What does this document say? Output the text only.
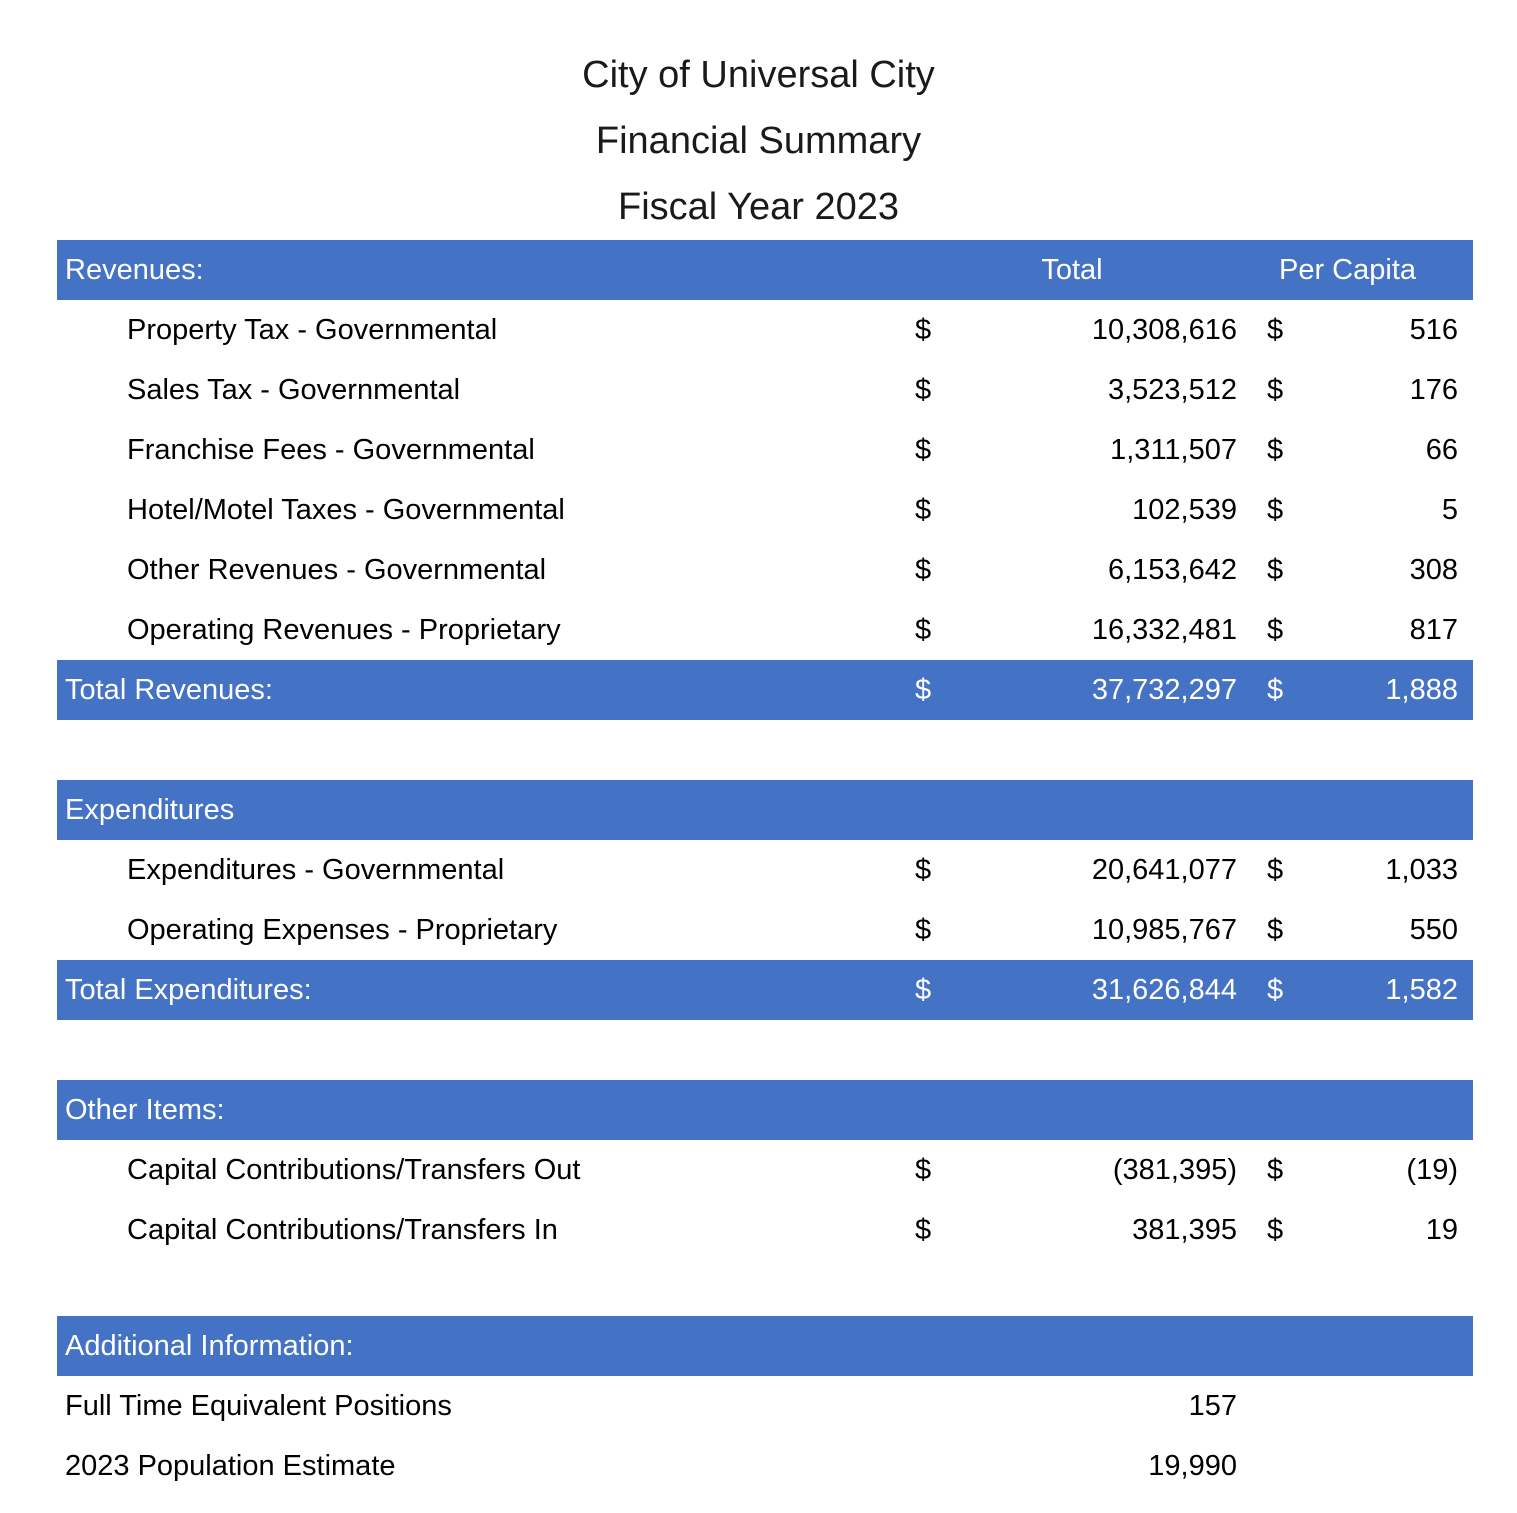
City of Universal City
Financial Summary
Fiscal Year 2023
Revenues:	Total	Per Capita
Property Tax - Governmental	$	10,308,616	$	516
Sales Tax - Governmental	$	3,523,512	$	176
Franchise Fees - Governmental	$	1,311,507	$	66
Hotel/Motel Taxes - Governmental	$	102,539	$	5
Other Revenues - Governmental	$	6,153,642	$	308
Operating Revenues - Proprietary	$	16,332,481	$	817
Total Revenues:	$	37,732,297	$	1,888
Expenditures
Expenditures - Governmental	$	20,641,077	$	1,033
Operating Expenses - Proprietary	$	10,985,767	$	550
Total Expenditures:	$	31,626,844	$	1,582
Other Items:
Capital Contributions/Transfers Out	$	(381,395)	$	(19)
Capital Contributions/Transfers In	$	381,395	$	19
Additional Information:
Full Time Equivalent Positions	157
2023 Population Estimate	19,990
